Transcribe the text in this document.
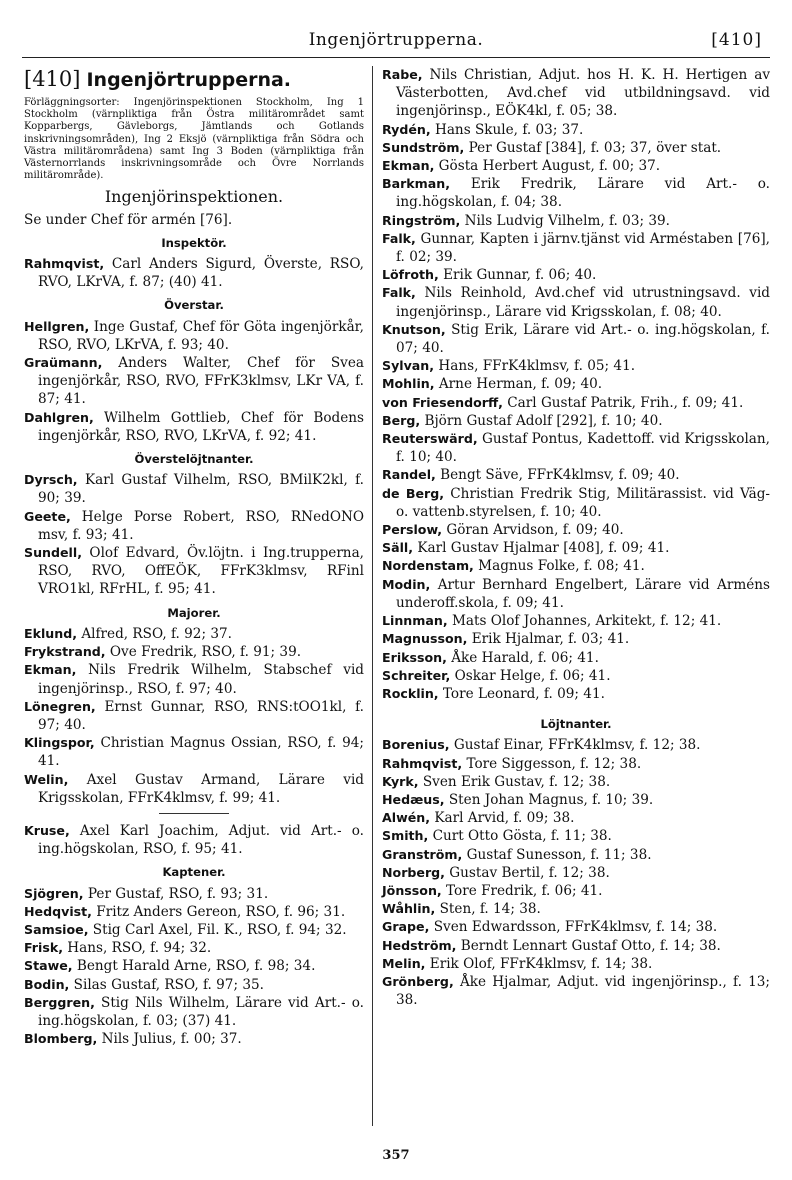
Ingenjörtrupperna.	[410]
[410] Ingenjörtrupperna.

Förläggningsorter: Ingenjörinspektionen Stockholm, Ing 1 Stockholm (värnpliktiga från Östra militärområdet samt Kopparbergs, Gävleborgs, Jämtlands och Gotlands inskrivningsområden), Ing 2 Eksjö (värnpliktiga från Södra och Västra militärområdena) samt Ing 3 Boden (värnpliktiga från Västernorrlands inskrivningsområde och Övre Norrlands militärområde).

Ingenjörinspektionen.

Se under Chef för armén [76].

Inspektör.

Rahmqvist, Carl Anders Sigurd, Överste, RSO, RVO, LKrVA, f. 87; (40) 41.

Överstar.

Hellgren, Inge Gustaf, Chef för Göta ingenjörkår, RSO, RVO, LKrVA, f. 93; 40.

Graümann, Anders Walter, Chef för Svea ingenjörkår, RSO, RVO, FFrK3klmsv, LKr VA, f. 87; 41.

Dahlgren, Wilhelm Gottlieb, Chef för Bodens ingenjörkår, RSO, RVO, LKrVA, f. 92; 41.

Överstelöjtnanter.

Dyrsch, Karl Gustaf Vilhelm, RSO, BMilK2kl, f. 90; 39.

Geete, Helge Porse Robert, RSO, RNedONO msv, f. 93; 41.

Sundell, Olof Edvard, Öv.löjtn. i Ing.trupperna, RSO, RVO, OffEÖK, FFrK3klmsv, RFinl VRO1kl, RFrHL, f. 95; 41.

Majorer.

Eklund, Alfred, RSO, f. 92; 37.

Frykstrand, Ove Fredrik, RSO, f. 91; 39.

Ekman, Nils Fredrik Wilhelm, Stabschef vid ingenjörinsp., RSO, f. 97; 40.

Lönegren, Ernst Gunnar, RSO, RNS:tOO1kl, f. 97; 40.

Klingspor, Christian Magnus Ossian, RSO, f. 94; 41.

Welin, Axel Gustav Armand, Lärare vid Krigsskolan, FFrK4klmsv, f. 99; 41.

Kruse, Axel Karl Joachim, Adjut. vid Art.- o. ing.högskolan, RSO, f. 95; 41.

Kaptener.

Sjögren, Per Gustaf, RSO, f. 93; 31.

Hedqvist, Fritz Anders Gereon, RSO, f. 96; 31.

Samsioe, Stig Carl Axel, Fil. K., RSO, f. 94; 32.

Frisk, Hans, RSO, f. 94; 32.

Stawe, Bengt Harald Arne, RSO, f. 98; 34.

Bodin, Silas Gustaf, RSO, f. 97; 35.

Berggren, Stig Nils Wilhelm, Lärare vid Art.- o. ing.högskolan, f. 03; (37) 41.

Blomberg, Nils Julius, f. 00; 37.

Rabe, Nils Christian, Adjut. hos H. K. H. Hertigen av Västerbotten, Avd.chef vid utbildningsavd. vid ingenjörinsp., EÖK4kl, f. 05; 38.

Rydén, Hans Skule, f. 03; 37.

Sundström, Per Gustaf [384], f. 03; 37, över stat.

Ekman, Gösta Herbert August, f. 00; 37.

Barkman, Erik Fredrik, Lärare vid Art.- o. ing.högskolan, f. 04; 38.

Ringström, Nils Ludvig Vilhelm, f. 03; 39.

Falk, Gunnar, Kapten i järnv.tjänst vid Arméstaben [76], f. 02; 39.

Löfroth, Erik Gunnar, f. 06; 40.

Falk, Nils Reinhold, Avd.chef vid utrustningsavd. vid ingenjörinsp., Lärare vid Krigsskolan, f. 08; 40.

Knutson, Stig Erik, Lärare vid Art.- o. ing.högskolan, f. 07; 40.

Sylvan, Hans, FFrK4klmsv, f. 05; 41.

Mohlin, Arne Herman, f. 09; 40.

von Friesendorff, Carl Gustaf Patrik, Frih., f. 09; 41.

Berg, Björn Gustaf Adolf [292], f. 10; 40.

Reuterswärd, Gustaf Pontus, Kadettoff. vid Krigsskolan, f. 10; 40.

Randel, Bengt Säve, FFrK4klmsv, f. 09; 40.

de Berg, Christian Fredrik Stig, Militärassist. vid Väg- o. vattenb.styrelsen, f. 10; 40.

Perslow, Göran Arvidson, f. 09; 40.

Säll, Karl Gustav Hjalmar [408], f. 09; 41.

Nordenstam, Magnus Folke, f. 08; 41.

Modin, Artur Bernhard Engelbert, Lärare vid Arméns underoff.skola, f. 09; 41.

Linnman, Mats Olof Johannes, Arkitekt, f. 12; 41.

Magnusson, Erik Hjalmar, f. 03; 41.

Eriksson, Åke Harald, f. 06; 41.

Schreiter, Oskar Helge, f. 06; 41.

Rocklin, Tore Leonard, f. 09; 41.

Löjtnanter.

Borenius, Gustaf Einar, FFrK4klmsv, f. 12; 38.

Rahmqvist, Tore Siggesson, f. 12; 38.

Kyrk, Sven Erik Gustav, f. 12; 38.

Hedæus, Sten Johan Magnus, f. 10; 39.

Alwén, Karl Arvid, f. 09; 38.

Smith, Curt Otto Gösta, f. 11; 38.

Granström, Gustaf Sunesson, f. 11; 38.

Norberg, Gustav Bertil, f. 12; 38.

Jönsson, Tore Fredrik, f. 06; 41.

Wåhlin, Sten, f. 14; 38.

Grape, Sven Edwardsson, FFrK4klmsv, f. 14; 38.

Hedström, Berndt Lennart Gustaf Otto, f. 14; 38.

Melin, Erik Olof, FFrK4klmsv, f. 14; 38.

Grönberg, Åke Hjalmar, Adjut. vid ingenjörinsp., f. 13; 38.

357
